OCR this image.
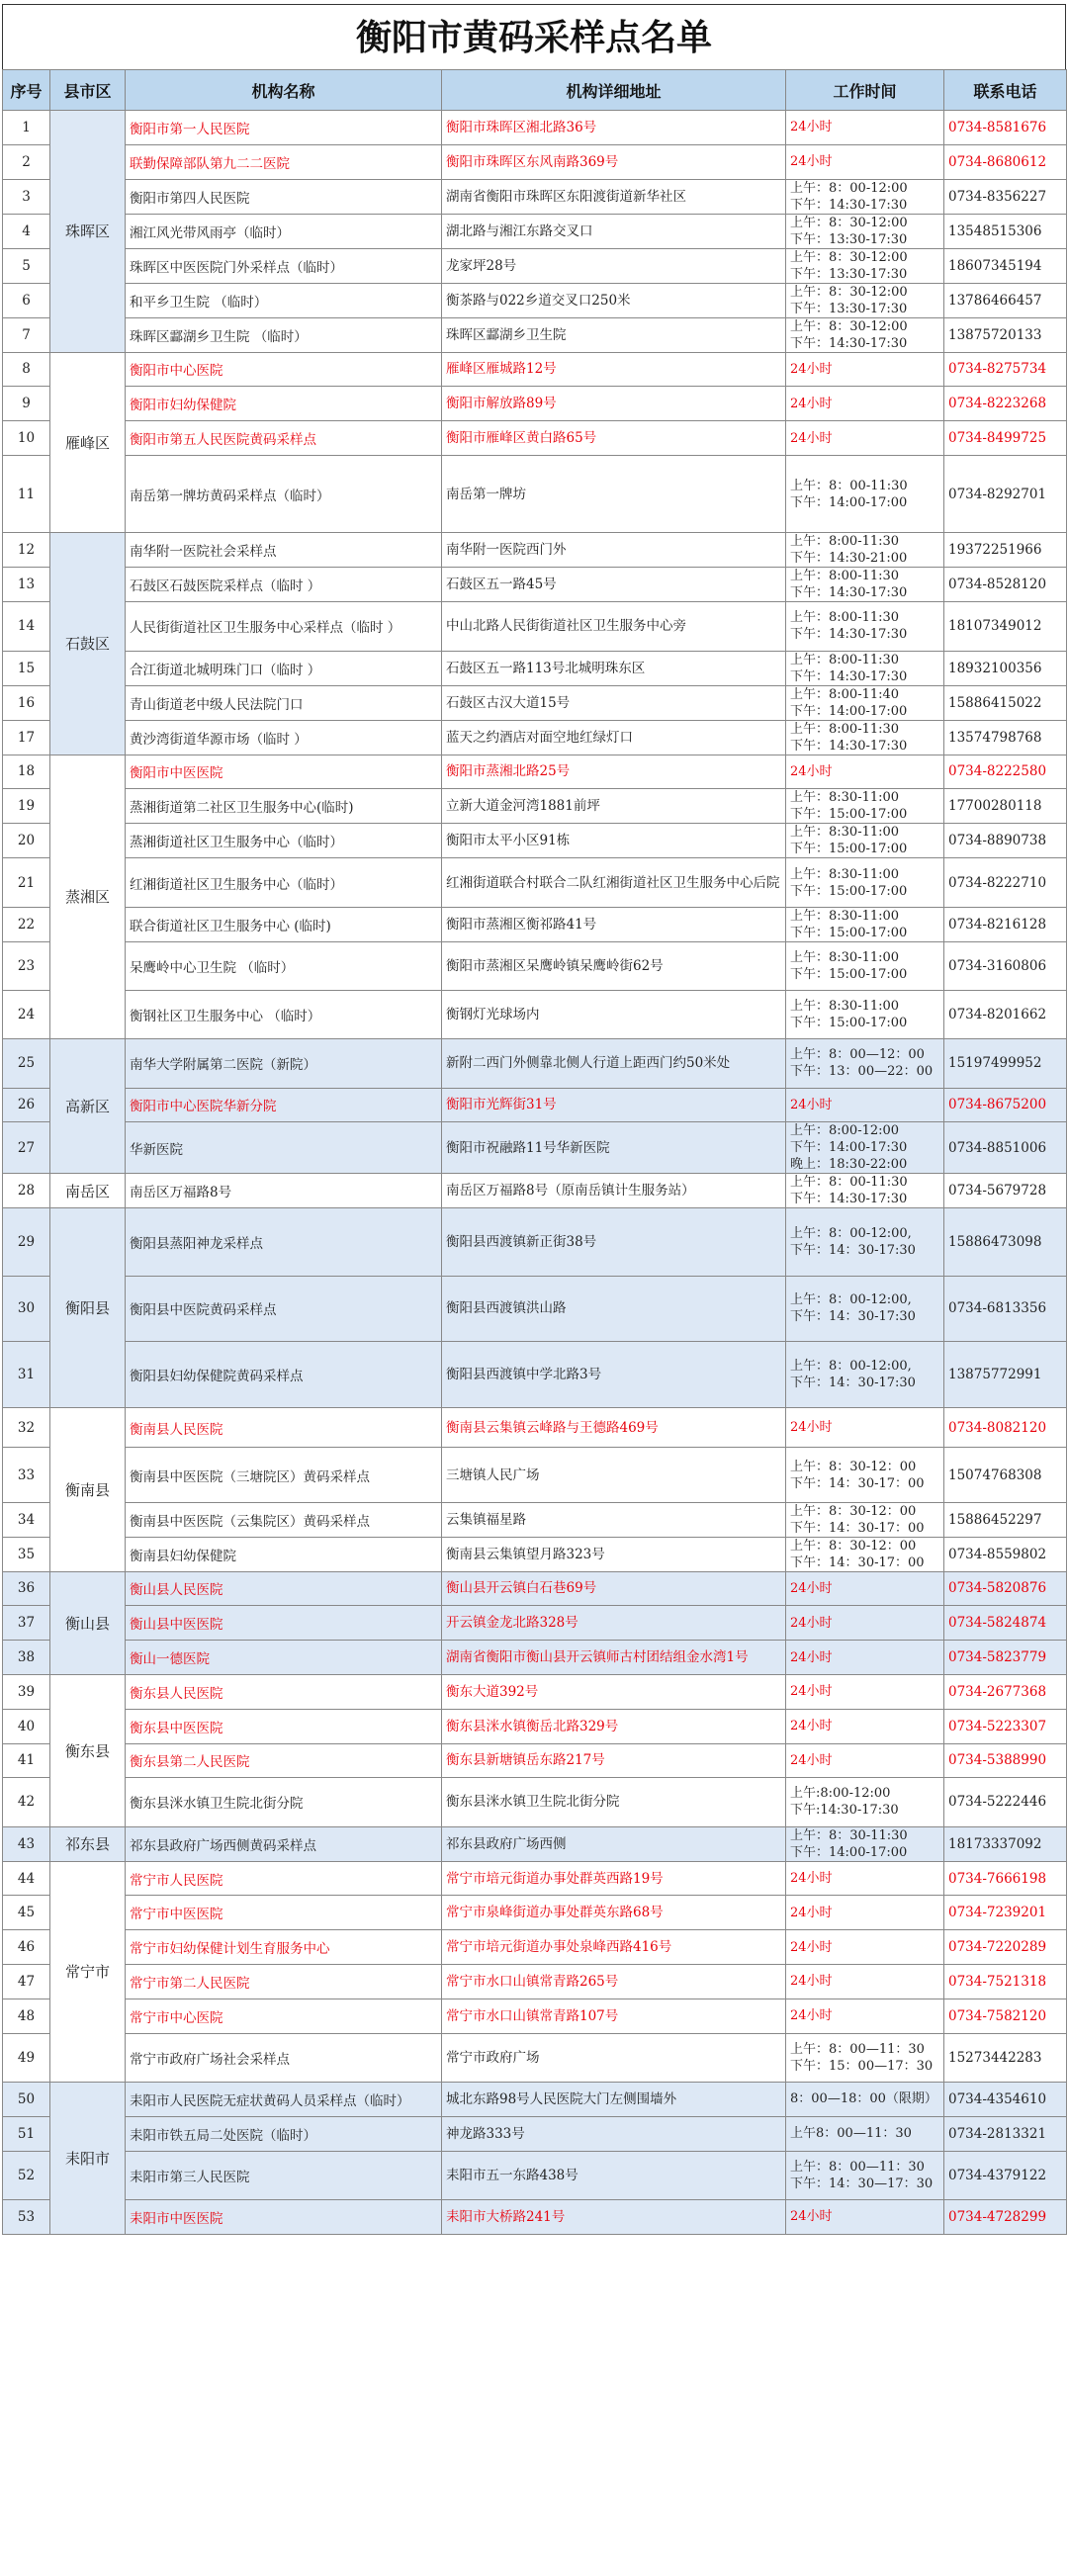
衡阳市黄码采样点名单
序号	县市区	机构名称	机构详细地址	工作时间	联系电话
1	珠晖区	衡阳市第一人民医院	衡阳市珠晖区湘北路36号	24小时	0734-8581676
2		联勤保障部队第九二二医院	衡阳市珠晖区东风南路369号	24小时	0734-8680612
3		衡阳市第四人民医院	湖南省衡阳市珠晖区东阳渡街道新华社区	上午：8：00-12:00
下午：14:30-17:30	0734-8356227
4		湘江风光带风雨亭（临时）	湖北路与湘江东路交叉口	上午：8：30-12:00
下午：13:30-17:30	13548515306
5		珠晖区中医医院门外采样点（临时）	龙家坪28号	上午：8：30-12:00
下午：13:30-17:30	18607345194
6		和平乡卫生院 （临时）	衡茶路与022乡道交叉口250米	上午：8：30-12:00
下午：13:30-17:30	13786466457
7		珠晖区酃湖乡卫生院 （临时）	珠晖区酃湖乡卫生院	上午：8：30-12:00
下午：14:30-17:30	13875720133
8	雁峰区	衡阳市中心医院	雁峰区雁城路12号	24小时	0734-8275734
9		衡阳市妇幼保健院	衡阳市解放路89号	24小时	0734-8223268
10		衡阳市第五人民医院黄码采样点	衡阳市雁峰区黄白路65号	24小时	0734-8499725
11		南岳第一牌坊黄码采样点（临时）	南岳第一牌坊	上午：8：00-11:30
下午：14:00-17:00	0734-8292701
12	石鼓区	南华附一医院社会采样点	南华附一医院西门外	上午：8:00-11:30
下午：14:30-21:00	19372251966
13		石鼓区石鼓医院采样点（临时 ）	石鼓区五一路45号	上午：8:00-11:30
下午：14:30-17:30	0734-8528120
14		人民街街道社区卫生服务中心采样点（临时 ）	中山北路人民街街道社区卫生服务中心旁	上午：8:00-11:30
下午：14:30-17:30	18107349012
15		合江街道北城明珠门口（临时 ）	石鼓区五一路113号北城明珠东区	上午：8:00-11:30
下午：14:30-17:30	18932100356
16		青山街道老中级人民法院门口	石鼓区古汉大道15号	上午：8:00-11:40
下午：14:00-17:00	15886415022
17		黄沙湾街道华源市场（临时 ）	蓝天之约酒店对面空地红绿灯口	上午：8:00-11:30
下午：14:30-17:30	13574798768
18	蒸湘区	衡阳市中医医院	衡阳市蒸湘北路25号	24小时	0734-8222580
19		蒸湘街道第二社区卫生服务中心(临时)	立新大道金河湾1881前坪	上午：8:30-11:00
下午：15:00-17:00	17700280118
20		蒸湘街道社区卫生服务中心（临时）	衡阳市太平小区91栋	上午：8:30-11:00
下午：15:00-17:00	0734-8890738
21		红湘街道社区卫生服务中心（临时）	红湘街道联合村联合二队红湘街道社区卫生服务中心后院	上午：8:30-11:00
下午：15:00-17:00	0734-8222710
22		联合街道社区卫生服务中心 (临时)	衡阳市蒸湘区衡祁路41号	上午：8:30-11:00
下午：15:00-17:00	0734-8216128
23		呆鹰岭中心卫生院 （临时）	衡阳市蒸湘区呆鹰岭镇呆鹰岭街62号	上午：8:30-11:00
下午：15:00-17:00	0734-3160806
24		衡钢社区卫生服务中心 （临时）	衡钢灯光球场内	上午：8:30-11:00
下午：15:00-17:00	0734-8201662
25	高新区	南华大学附属第二医院（新院）	新附二西门外侧靠北侧人行道上距西门约50米处	上午：8：00—12：00
下午：13：00—22：00	15197499952
26		衡阳市中心医院华新分院	衡阳市光辉街31号	24小时	0734-8675200
27		华新医院	衡阳市祝融路11号华新医院	上午：8:00-12:00
下午：14:00-17:30
晚上：18:30-22:00	0734-8851006
28	南岳区	南岳区万福路8号	南岳区万福路8号（原南岳镇计生服务站）	上午：8：00-11:30
下午：14:30-17:30	0734-5679728
29	衡阳县	衡阳县蒸阳神龙采样点	衡阳县西渡镇新正街38号	上午：8：00-12:00,
下午：14：30-17:30	15886473098
30		衡阳县中医院黄码采样点	衡阳县西渡镇洪山路	上午：8：00-12:00,
下午：14：30-17:30	0734-6813356
31		衡阳县妇幼保健院黄码采样点	衡阳县西渡镇中学北路3号	上午：8：00-12:00,
下午：14：30-17:30	13875772991
32	衡南县	衡南县人民医院	衡南县云集镇云峰路与王德路469号	24小时	0734-8082120
33		衡南县中医医院（三塘院区）黄码采样点	三塘镇人民广场	上午：8：30-12：00
下午：14：30-17：00	15074768308
34		衡南县中医医院（云集院区）黄码采样点	云集镇福星路	上午：8：30-12：00
下午：14：30-17：00	15886452297
35		衡南县妇幼保健院	衡南县云集镇望月路323号	上午：8：30-12：00
下午：14：30-17：00	0734-8559802
36	衡山县	衡山县人民医院	衡山县开云镇白石巷69号	24小时	0734-5820876
37		衡山县中医医院	开云镇金龙北路328号	24小时	0734-5824874
38		衡山一德医院	湖南省衡阳市衡山县开云镇师古村团结组金水湾1号	24小时	0734-5823779
39	衡东县	衡东县人民医院	衡东大道392号	24小时	0734-2677368
40		衡东县中医医院	衡东县洣水镇衡岳北路329号	24小时	0734-5223307
41		衡东县第二人民医院	衡东县新塘镇岳东路217号	24小时	0734-5388990
42		衡东县洣水镇卫生院北街分院	衡东县洣水镇卫生院北街分院	上午:8:00-12:00
下午:14:30-17:30	0734-5222446
43	祁东县	祁东县政府广场西侧黄码采样点	祁东县政府广场西侧	上午：8：30-11:30
下午：14:00-17:00	18173337092
44	常宁市	常宁市人民医院	常宁市培元街道办事处群英西路19号	24小时	0734-7666198
45		常宁市中医医院	常宁市泉峰街道办事处群英东路68号	24小时	0734-7239201
46		常宁市妇幼保健计划生育服务中心	常宁市培元街道办事处泉峰西路416号	24小时	0734-7220289
47		常宁市第二人民医院	常宁市水口山镇常青路265号	24小时	0734-7521318
48		常宁市中心医院	常宁市水口山镇常青路107号	24小时	0734-7582120
49		常宁市政府广场社会采样点	常宁市政府广场	上午：8：00—11：30
下午：15：00—17：30	15273442283
50	耒阳市	耒阳市人民医院无症状黄码人员采样点（临时）	城北东路98号人民医院大门左侧围墙外	8：00—18：00（限期）	0734-4354610
51		耒阳市铁五局二处医院（临时）	神龙路333号	上午8：00—11：30	0734-2813321
52		耒阳市第三人民医院	耒阳市五一东路438号	上午：8：00—11：30
下午：14：30—17：30	0734-4379122
53		耒阳市中医医院	耒阳市大桥路241号	24小时	0734-4728299
